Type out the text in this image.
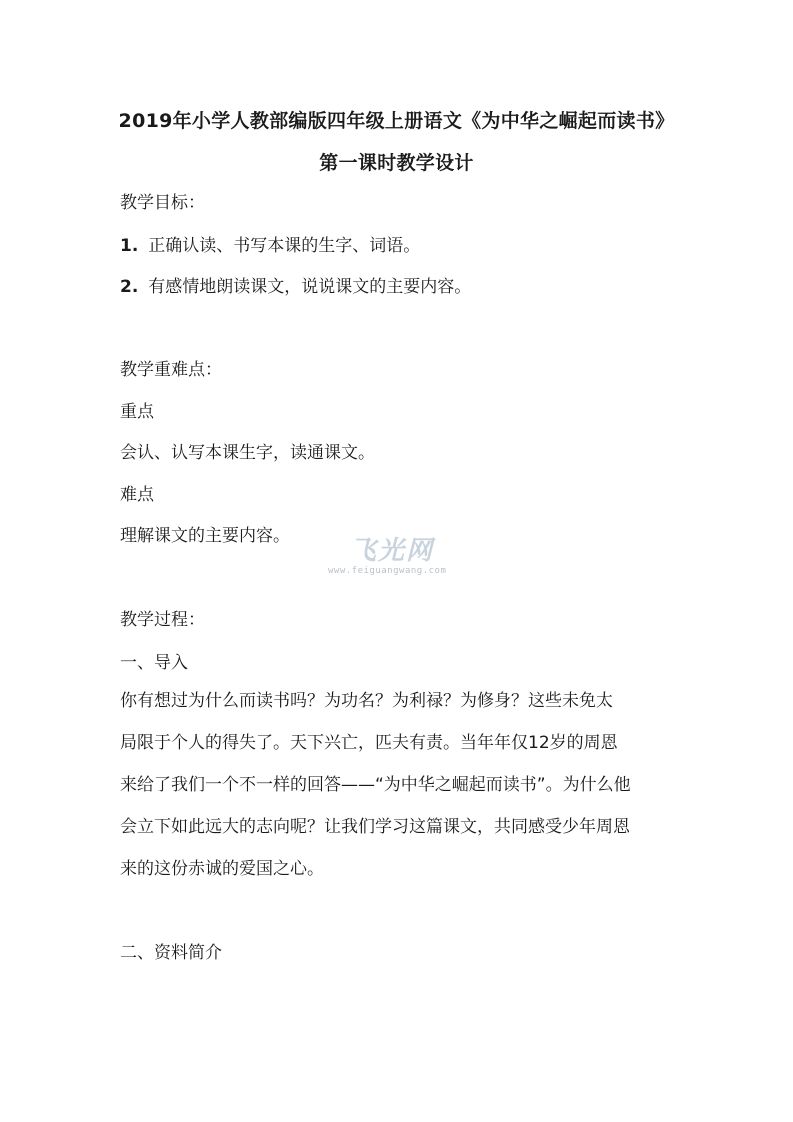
2019年小学人教部编版四年级上册语文《为中华之崛起而读书》
第一课时教学设计
教学目标：
1. 正确认读、书写本课的生字、词语。
2. 有感情地朗读课文，说说课文的主要内容。
教学重难点：
重点
会认、认写本课生字，读通课文。
难点
理解课文的主要内容。 飞光网
www.feiguangwang.com
教学过程：
一、导入
你有想过为什么而读书吗？为功名？为利禄？为修身？这些未免太
局限于个人的得失了。天下兴亡，匹夫有责。当年年仅12岁的周恩
来给了我们一个不一样的回答——“为中华之崛起而读书”。为什么他
会立下如此远大的志向呢？让我们学习这篇课文，共同感受少年周恩
来的这份赤诚的爱国之心。
二、资料简介
